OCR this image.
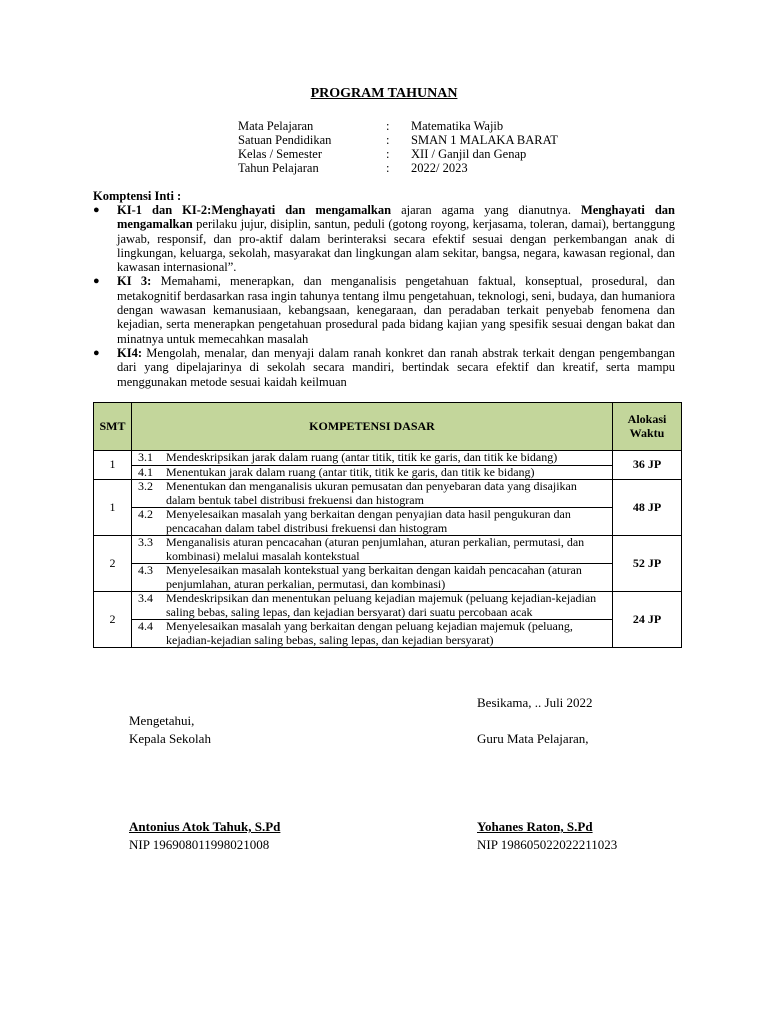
PROGRAM TAHUNAN
Mata Pelajaran	:	Matematika Wajib
Satuan Pendidikan	:	SMAN 1 MALAKA BARAT
Kelas / Semester	:	XII / Ganjil dan Genap
Tahun Pelajaran	:	2022/ 2023
Komptensi Inti :
● KI-1 dan KI-2:Menghayati dan mengamalkan ajaran agama yang dianutnya. Menghayati dan mengamalkan perilaku jujur, disiplin, santun, peduli (gotong royong, kerjasama, toleran, damai), bertanggung jawab, responsif, dan pro-aktif dalam berinteraksi secara efektif sesuai dengan perkembangan anak di lingkungan, keluarga, sekolah, masyarakat dan lingkungan alam sekitar, bangsa, negara, kawasan regional, dan kawasan internasional”.
● KI 3: Memahami, menerapkan, dan menganalisis pengetahuan faktual, konseptual, prosedural, dan metakognitif berdasarkan rasa ingin tahunya tentang ilmu pengetahuan, teknologi, seni, budaya, dan humaniora dengan wawasan kemanusiaan, kebangsaan, kenegaraan, dan peradaban terkait penyebab fenomena dan kejadian, serta menerapkan pengetahuan prosedural pada bidang kajian yang spesifik sesuai dengan bakat dan minatnya untuk memecahkan masalah
● KI4: Mengolah, menalar, dan menyaji dalam ranah konkret dan ranah abstrak terkait dengan pengembangan dari yang dipelajarinya di sekolah secara mandiri, bertindak secara efektif dan kreatif, serta mampu menggunakan metode sesuai kaidah keilmuan
SMT	KOMPETENSI DASAR	Alokasi Waktu
1	3.1 Mendeskripsikan jarak dalam ruang (antar titik, titik ke garis, dan titik ke bidang)	36 JP

	4.1 Menentukan jarak dalam ruang (antar titik, titik ke garis, dan titik ke bidang)	

1	3.2 Menentukan dan menganalisis ukuran pemusatan dan penyebaran data yang disajikan dalam bentuk tabel distribusi frekuensi dan histogram	48 JP

	4.2 Menyelesaikan masalah yang berkaitan dengan penyajian data hasil pengukuran dan pencacahan dalam tabel distribusi frekuensi dan histogram	

2	3.3 Menganalisis aturan pencacahan (aturan penjumlahan, aturan perkalian, permutasi, dan kombinasi) melalui masalah kontekstual	52 JP

	4.3 Menyelesaikan masalah kontekstual yang berkaitan dengan kaidah pencacahan (aturan penjumlahan, aturan perkalian, permutasi, dan kombinasi)	

2	3.4 Mendeskripsikan dan menentukan peluang kejadian majemuk (peluang kejadian-kejadian saling bebas, saling lepas, dan kejadian bersyarat) dari suatu percobaan acak	24 JP

	4.4 Menyelesaikan masalah yang berkaitan dengan peluang kejadian majemuk (peluang, kejadian-kejadian saling bebas, saling lepas, dan kejadian bersyarat)	
Besikama, .. Juli 2022
Mengetahui,
Kepala Sekolah	Guru Mata Pelajaran,
Antonius Atok Tahuk, S.Pd
NIP 196908011998021008
Yohanes Raton, S.Pd
NIP 198605022022211023
